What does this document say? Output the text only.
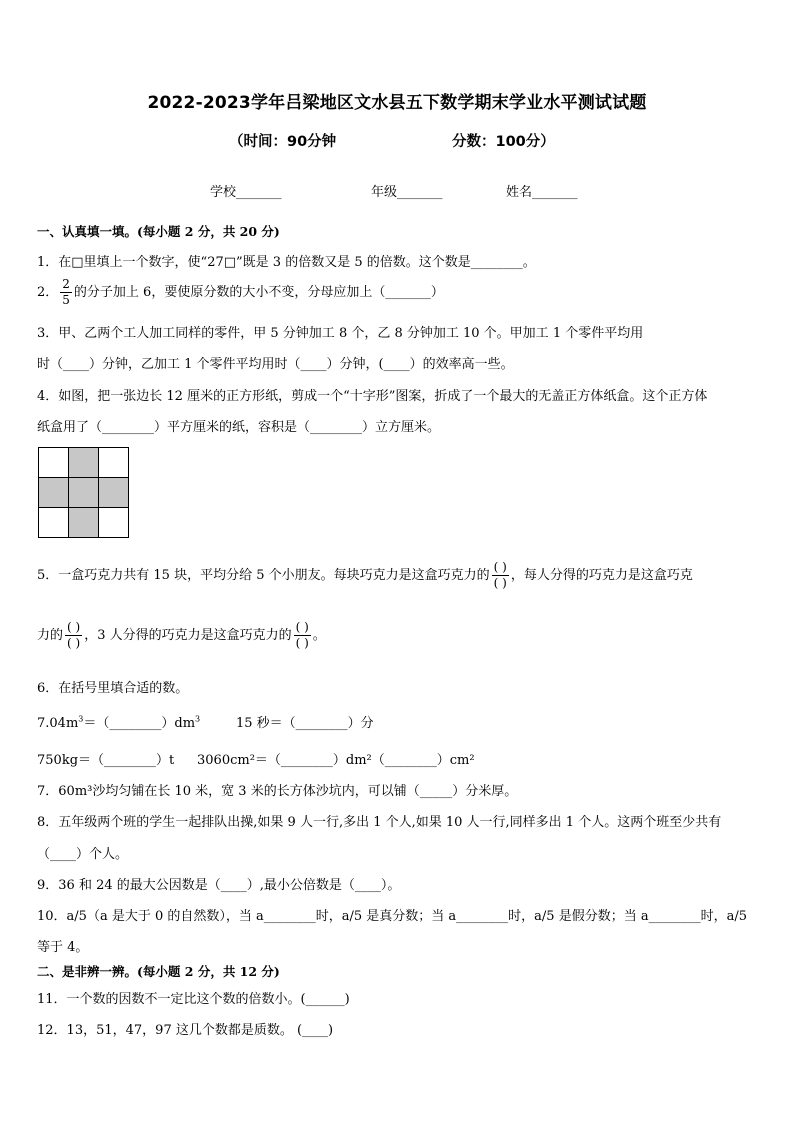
2022-2023学年吕梁地区文水县五下数学期末学业水平测试试题
（时间：90分钟	分数：100分）
学校_______	年级_______	姓名_______
一、认真填一填。(每小题 2 分，共 20 分)
1．在□里填上一个数字，使“27□”既是 3 的倍数又是 5 的倍数。这个数是________。
2． $\frac{2}{5}$ 的分子加上 6，要使原分数的大小不变，分母应加上（_______）
3．甲、乙两个工人加工同样的零件，甲 5 分钟加工 8 个，乙 8 分钟加工 10 个。甲加工 1 个零件平均用
时（____）分钟，乙加工 1 个零件平均用时（____）分钟，(____）的效率高一些。
4．如图，把一张边长 12 厘米的正方形纸，剪成一个“十字形”图案，折成了一个最大的无盖正方体纸盒。这个正方体
纸盒用了（________）平方厘米的纸，容积是（________）立方厘米。

5．一盒巧克力共有 15 块，平均分给 5 个小朋友。每块巧克力是这盒巧克力的 $\frac{( )}{( )}$ ，每人分得的巧克力是这盒巧克
力的 $\frac{( )}{( )}$ ，3 人分得的巧克力是这盒巧克力的 $\frac{( )}{( )}$ 。
6．在括号里填合适的数。
$7.04m^3=(\_\_\_\_\_\_\_\_)dm^3$	15 秒＝（________）分
750kg＝（________）t 3060cm²＝（________）dm²（________）cm²
7．60m³沙均匀铺在长 10 米，宽 3 米的长方体沙坑内，可以铺（_____）分米厚。
8．五年级两个班的学生一起排队出操,如果 9 人一行,多出 1 个人,如果 10 人一行,同样多出 1 个人。这两个班至少共有
（____）个人。
9．36 和 24 的最大公因数是（____）,最小公倍数是（____）。
10．a/5（a 是大于 0 的自然数），当 a________时，a/5 是真分数；当 a________时，a/5 是假分数；当 a________时，a/5
等于 4。
二、是非辨一辨。(每小题 2 分，共 12 分)
11．一个数的因数不一定比这个数的倍数小。(______)
12．13，51，47，97 这几个数都是质数。 (____)
